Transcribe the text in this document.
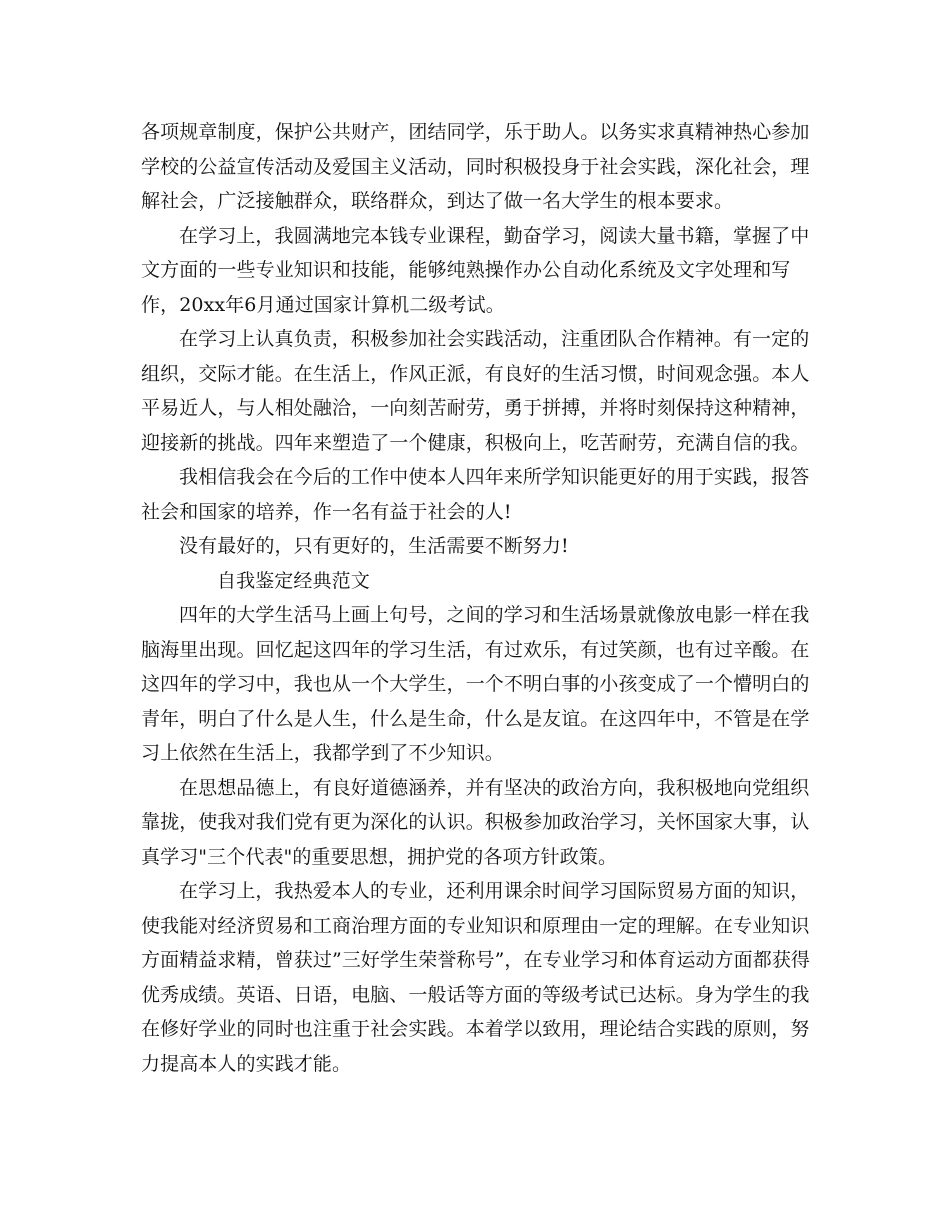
各项规章制度，保护公共财产，团结同学，乐于助人。以务实求真精神热心参加学校的公益宣传活动及爱国主义活动，同时积极投身于社会实践，深化社会，理解社会，广泛接触群众，联络群众，到达了做一名大学生的根本要求。

在学习上，我圆满地完本钱专业课程，勤奋学习，阅读大量书籍，掌握了中文方面的一些专业知识和技能，能够纯熟操作办公自动化系统及文字处理和写作，20xx年6月通过国家计算机二级考试。

在学习上认真负责，积极参加社会实践活动，注重团队合作精神。有一定的组织，交际才能。在生活上，作风正派，有良好的生活习惯，时间观念强。本人平易近人，与人相处融洽，一向刻苦耐劳，勇于拼搏，并将时刻保持这种精神，迎接新的挑战。四年来塑造了一个健康，积极向上，吃苦耐劳，充满自信的我。

我相信我会在今后的工作中使本人四年来所学知识能更好的用于实践，报答社会和国家的培养，作一名有益于社会的人!

没有最好的，只有更好的，生活需要不断努力!

自我鉴定经典范文

四年的大学生活马上画上句号，之间的学习和生活场景就像放电影一样在我脑海里出现。回忆起这四年的学习生活，有过欢乐，有过笑颜，也有过辛酸。在这四年的学习中，我也从一个大学生，一个不明白事的小孩变成了一个懵明白的青年，明白了什么是人生，什么是生命，什么是友谊。在这四年中，不管是在学习上依然在生活上，我都学到了不少知识。

在思想品德上，有良好道德涵养，并有坚决的政治方向，我积极地向党组织靠拢，使我对我们党有更为深化的认识。积极参加政治学习，关怀国家大事，认真学习"三个代表"的重要思想，拥护党的各项方针政策。

在学习上，我热爱本人的专业，还利用课余时间学习国际贸易方面的知识，使我能对经济贸易和工商治理方面的专业知识和原理由一定的理解。在专业知识方面精益求精，曾获过”三好学生荣誉称号”，在专业学习和体育运动方面都获得优秀成绩。英语、日语，电脑、一般话等方面的等级考试已达标。身为学生的我在修好学业的同时也注重于社会实践。本着学以致用，理论结合实践的原则，努力提高本人的实践才能。
